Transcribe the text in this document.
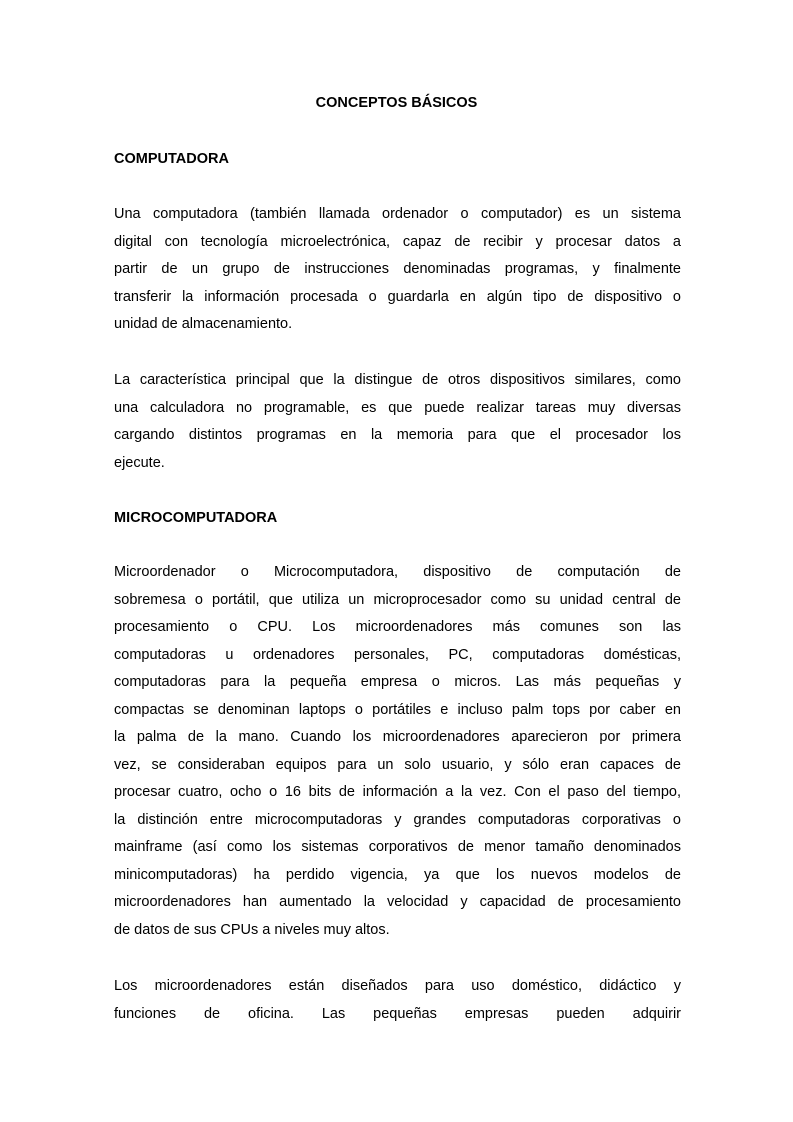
CONCEPTOS BÁSICOS
COMPUTADORA
Una computadora (también llamada ordenador o computador) es un sistema
digital con tecnología microelectrónica, capaz de recibir y procesar datos a
partir de un grupo de instrucciones denominadas programas, y finalmente
transferir la información procesada o guardarla en algún tipo de dispositivo o
unidad de almacenamiento.
La característica principal que la distingue de otros dispositivos similares, como
una calculadora no programable, es que puede realizar tareas muy diversas
cargando distintos programas en la memoria para que el procesador los
ejecute.
MICROCOMPUTADORA
Microordenador o Microcomputadora, dispositivo de computación de
sobremesa o portátil, que utiliza un microprocesador como su unidad central de
procesamiento o CPU. Los microordenadores más comunes son las
computadoras u ordenadores personales, PC, computadoras domésticas,
computadoras para la pequeña empresa o micros. Las más pequeñas y
compactas se denominan laptops o portátiles e incluso palm tops por caber en
la palma de la mano. Cuando los microordenadores aparecieron por primera
vez, se consideraban equipos para un solo usuario, y sólo eran capaces de
procesar cuatro, ocho o 16 bits de información a la vez. Con el paso del tiempo,
la distinción entre microcomputadoras y grandes computadoras corporativas o
mainframe (así como los sistemas corporativos de menor tamaño denominados
minicomputadoras) ha perdido vigencia, ya que los nuevos modelos de
microordenadores han aumentado la velocidad y capacidad de procesamiento
de datos de sus CPUs a niveles muy altos.
Los microordenadores están diseñados para uso doméstico, didáctico y
funciones de oficina. Las pequeñas empresas pueden adquirir
